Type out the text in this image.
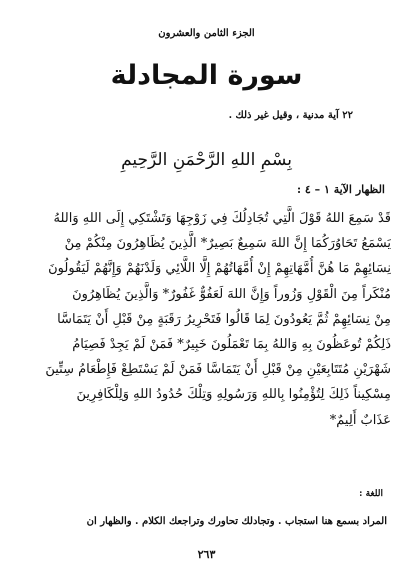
الجزء الثامن والعشرون
سورة المجادلة
٢٢ آية مدنية ، وقيل غير ذلك .
بِسْمِ اللهِ الرَّحْمَنِ الرَّحِيمِ
الظهار الآية ١ – ٤ :
قَدْ سَمِعَ اللهُ قَوْلَ الَّتِي تُجَادِلُكَ فِي زَوْجِهَا وَتَشْتَكِي إِلَى اللهِ وَاللهُ
يَسْمَعُ تَحَاوُرَكُمَا إِنَّ اللهَ سَمِيعٌ بَصِيرٌ* الَّذِينَ يُظَاهِرُونَ مِنْكُمْ مِنْ
نِسَائِهِمْ مَا هُنَّ أُمَّهَاتِهِمْ إِنْ أُمَّهَاتُهُمْ إِلَّا اللَّائِي وَلَدْنَهُمْ وَإِنَّهُمْ لَيَقُولُونَ
مُنْكَراً مِنَ الْقَوْلِ وَزُوراً وَإِنَّ اللهَ لَعَفُوٌّ غَفُورٌ* وَالَّذِينَ يُظَاهِرُونَ
مِنْ نِسَائِهِمْ ثُمَّ يَعُودُونَ لِمَا قَالُوا فَتَحْرِيرُ رَقَبَةٍ مِنْ قَبْلِ أَنْ يَتَمَاسَّا
ذَلِكُمْ تُوعَظُونَ بِهِ وَاللهُ بِمَا تَعْمَلُونَ خَبِيرٌ* فَمَنْ لَمْ يَجِدْ فَصِيَامُ
شَهْرَيْنِ مُتَتَابِعَيْنِ مِنْ قَبْلِ أَنْ يَتَمَاسَّا فَمَنْ لَمْ يَسْتَطِعْ فَإِطْعَامُ سِتِّينَ
مِسْكِيناً ذَلِكَ لِتُؤْمِنُوا بِاللهِ وَرَسُولِهِ وَتِلْكَ حُدُودُ اللهِ وَلِلْكَافِرِينَ
عَذَابٌ أَلِيمٌ*
اللغة :
المراد بسمع هنا استجاب . وتجادلك تحاورك وتراجعك الكلام . والظهار أن
٢٦٣
